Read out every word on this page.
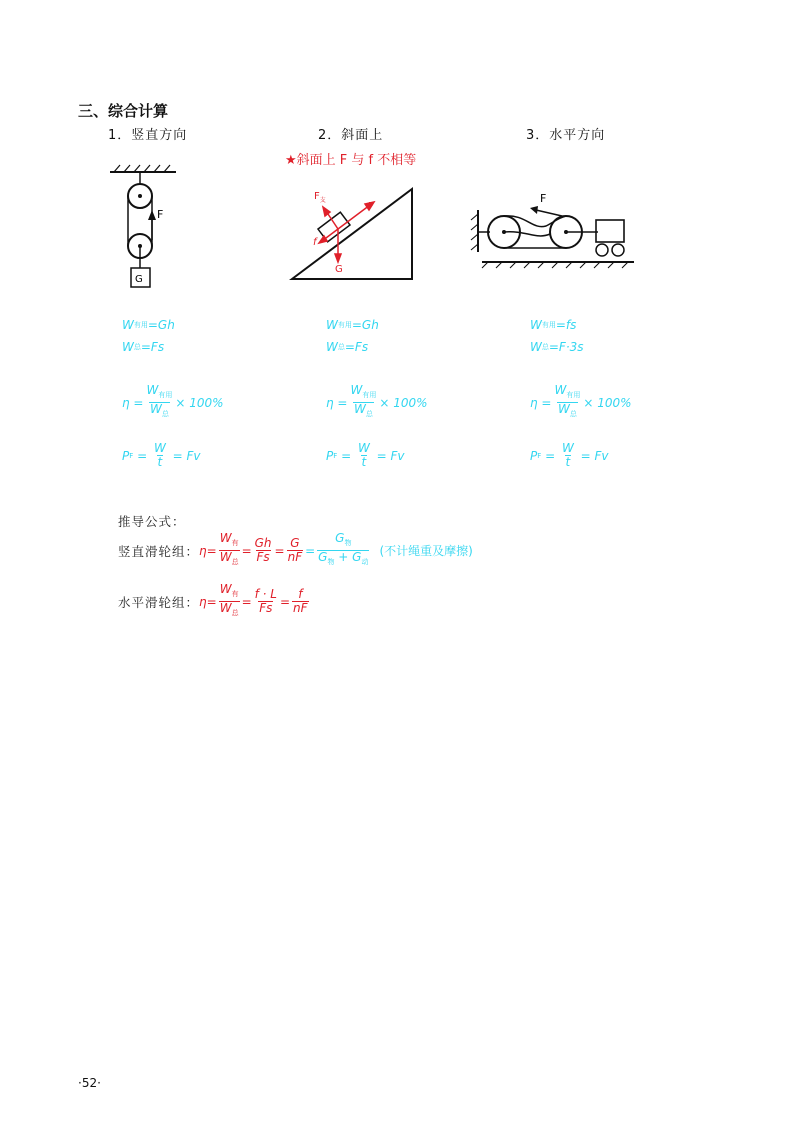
三、综合计算
1．竖直方向	2．斜面上	3．水平方向
★斜面上 F 与 f 不相等
F
G
$F_支$
F
f
G
F
W 有用 =Gh
W 总 =Fs
$\eta = \frac{W_{有用}}{W_总} \times 100\%$
P $F = \frac{W}{t} = Fv$
W 有用 =Gh
W 总 =Fs
$\eta = \frac{W_{有用}}{W_总} \times 100\%$
P $F = \frac{W}{t} = Fv$
W 有用 =fs
W 总 =F·3s
$\eta = \frac{W_{有用}}{W_总} \times 100\%$
P $F = \frac{W}{t} = Fv$
推导公式：
竖直滑轮组： $\eta= \frac{W_有}{W_总} = \frac{Gh}{Fs} = \frac{G}{nF} = \frac{G_物}{G_物 + G_动}$ (不计绳重及摩擦)
水平滑轮组： $\eta= \frac{W_有}{W_总} = \frac{f \cdot L}{Fs} = \frac{f}{nF}$
·52·
